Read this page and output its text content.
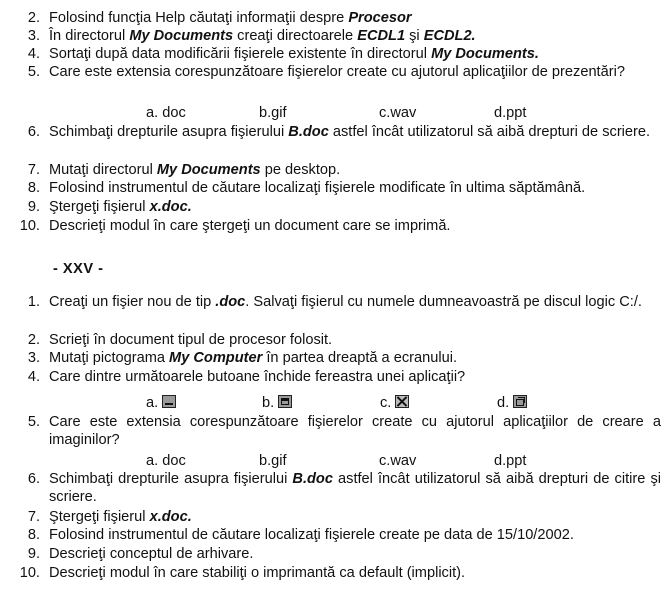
2. Folosind funcţia Help căutaţi informaţii despre Procesor
3. În directorul My Documents creaţi directoarele ECDL1 şi ECDL2.
4. Sortaţi după data modificării fişierele existente în directorul My Documents.
5. Care este extensia corespunzătoare fişierelor create cu ajutorul aplicaţiilor de prezentări?
a. doc	b.gif	c.wav	d.ppt
6. Schimbaţi drepturile asupra fişierului B.doc astfel încât utilizatorul să aibă drepturi de scriere.
7. Mutaţi directorul My Documents pe desktop.
8. Folosind instrumentul de căutare localizaţi fişierele modificate în ultima săptămână.
9. Ştergeţi fişierul x.doc.
10. Descrieţi modul în care ştergeţi un document care se imprimă.
- XXV -
1. Creaţi un fişier nou de tip .doc. Salvaţi fişierul cu numele dumneavoastră pe discul logic C:/.
2. Scrieţi în document tipul de procesor folosit.
3. Mutaţi pictograma My Computer în partea dreaptă a ecranului.
4. Care dintre următoarele butoane închide fereastra unei aplicaţii?
a.	b.	c.	d.
5. Care este extensia corespunzătoare fişierelor create cu ajutorul aplicaţiilor de creare a imaginilor?
a. doc	b.gif	c.wav	d.ppt
6. Schimbaţi drepturile asupra fişierului B.doc astfel încât utilizatorul să aibă drepturi de citire şi scriere.
7. Ştergeţi fişierul x.doc.
8. Folosind instrumentul de căutare localizaţi fişierele create pe data de 15/10/2002.
9. Descrieţi conceptul de arhivare.
10. Descrieţi modul în care stabiliţi o imprimantă ca default (implicit).
